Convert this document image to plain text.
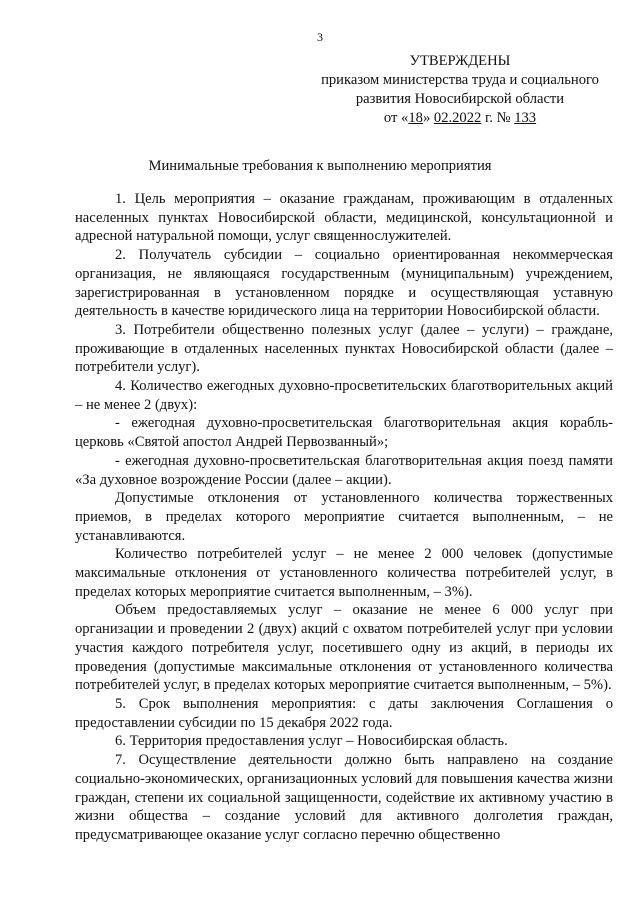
3
УТВЕРЖДЕНЫ
приказом министерства труда и социального
развития Новосибирской области
от «18» 02.2022 г. № 133
Минимальные требования к выполнению мероприятия

1. Цель мероприятия – оказание гражданам, проживающим в отдаленных населенных пунктах Новосибирской области, медицинской, консультационной и адресной натуральной помощи, услуг священнослужителей.

2. Получатель субсидии – социально ориентированная некоммерческая организация, не являющаяся государственным (муниципальным) учреждением, зарегистрированная в установленном порядке и осуществляющая уставную деятельность в качестве юридического лица на территории Новосибирской области.

3. Потребители общественно полезных услуг (далее – услуги) – граждане, проживающие в отдаленных населенных пунктах Новосибирской области (далее – потребители услуг).

4. Количество ежегодных духовно-просветительских благотворительных акций – не менее 2 (двух):

- ежегодная духовно-просветительская благотворительная акция корабль-церковь «Святой апостол Андрей Первозванный»;

- ежегодная духовно-просветительская благотворительная акция поезд памяти «За духовное возрождение России (далее – акции).

Допустимые отклонения от установленного количества торжественных приемов, в пределах которого мероприятие считается выполненным, – не устанавливаются.

Количество потребителей услуг – не менее 2 000 человек (допустимые максимальные отклонения от установленного количества потребителей услуг, в пределах которых мероприятие считается выполненным, – 3%).

Объем предоставляемых услуг – оказание не менее 6 000 услуг при организации и проведении 2 (двух) акций с охватом потребителей услуг при условии участия каждого потребителя услуг, посетившего одну из акций, в периоды их проведения (допустимые максимальные отклонения от установленного количества потребителей услуг, в пределах которых мероприятие считается выполненным, – 5%).

5. Срок выполнения мероприятия: с даты заключения Соглашения о предоставлении субсидии по 15 декабря 2022 года.

6. Территория предоставления услуг – Новосибирская область.

7. Осуществление деятельности должно быть направлено на создание социально-экономических, организационных условий для повышения качества жизни граждан, степени их социальной защищенности, содействие их активному участию в жизни общества – создание условий для активного долголетия граждан, предусматривающее оказание услуг согласно перечню общественно
